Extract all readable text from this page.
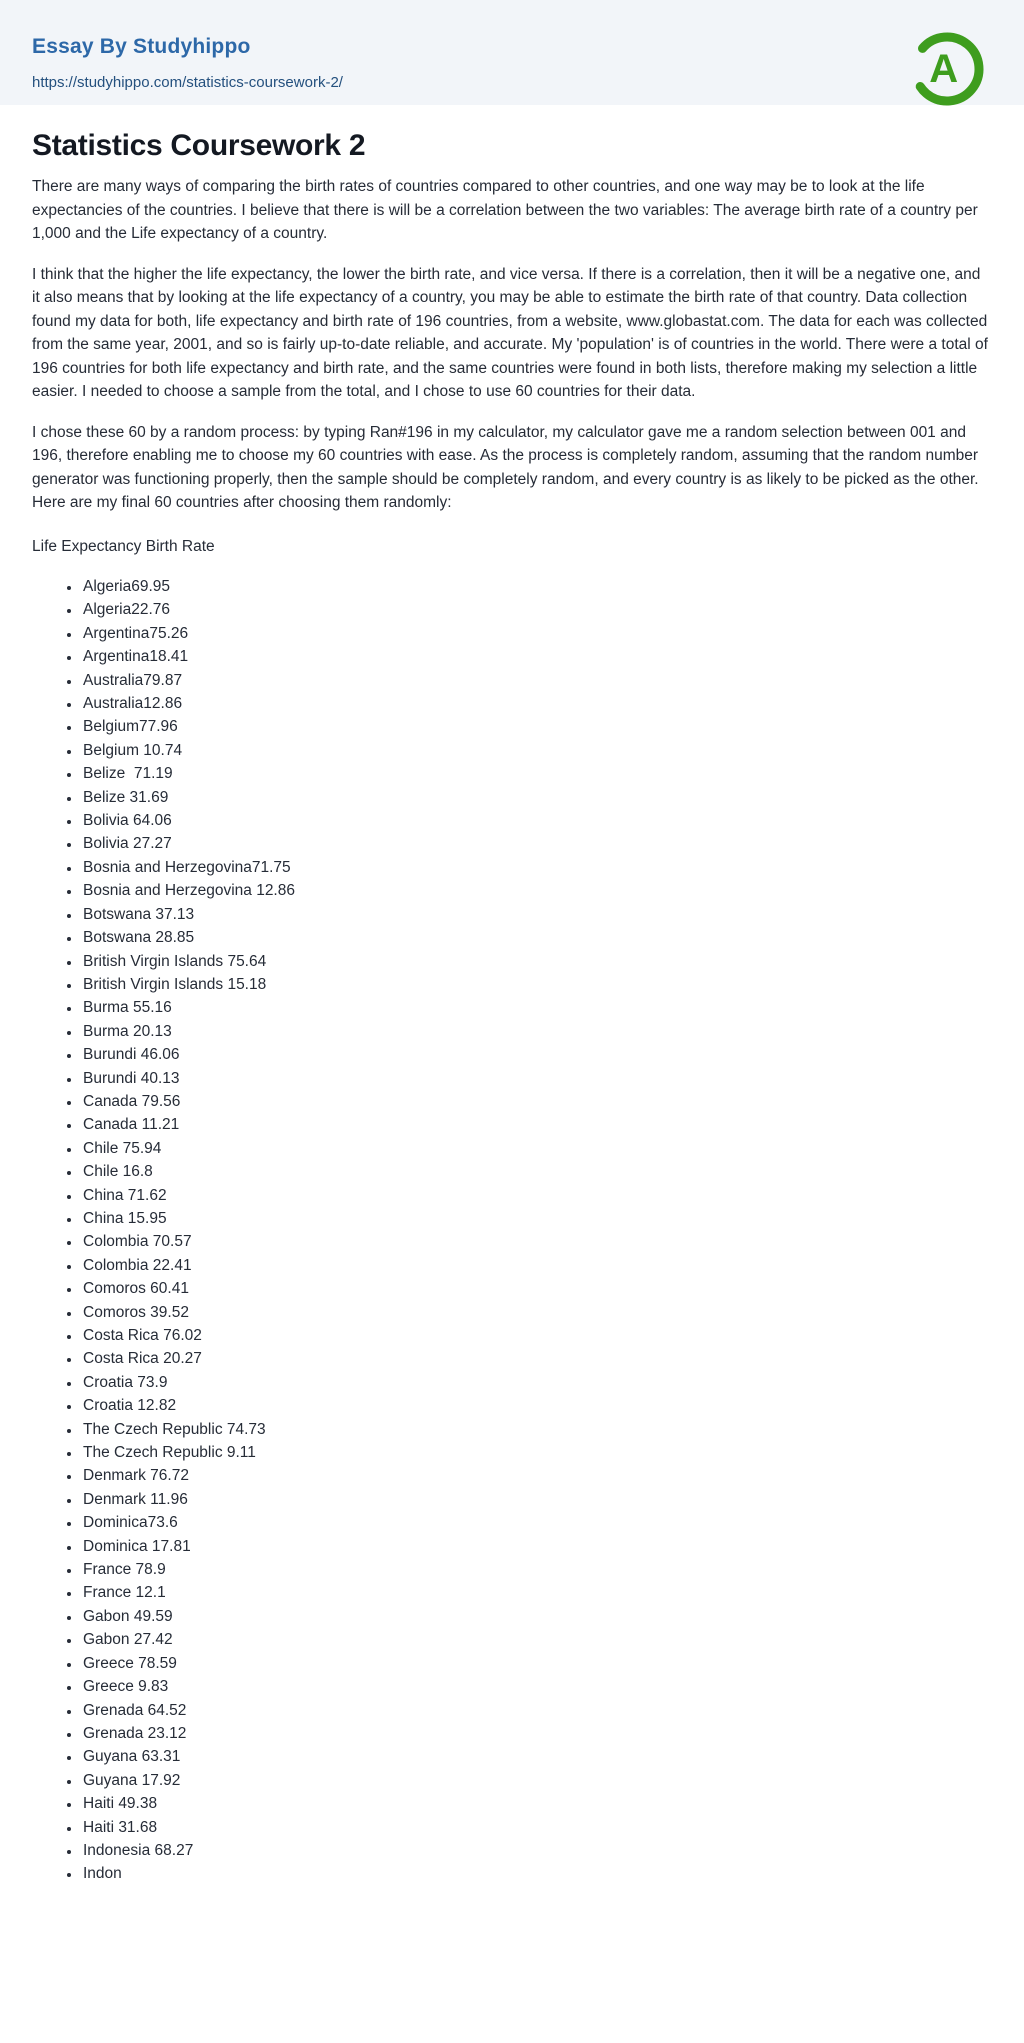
Essay By Studyhippo
https://studyhippo.com/statistics-coursework-2/	A
Statistics Coursework 2

There are many ways of comparing the birth rates of countries compared to other countries, and one way may be to look at the life expectancies of the countries. I believe that there is will be a correlation between the two variables: The average birth rate of a country per 1,000 and the Life expectancy of a country.

I think that the higher the life expectancy, the lower the birth rate, and vice versa. If there is a correlation, then it will be a negative one, and it also means that by looking at the life expectancy of a country, you may be able to estimate the birth rate of that country. Data collection found my data for both, life expectancy and birth rate of 196 countries, from a website, www.globastat.com. The data for each was collected from the same year, 2001, and so is fairly up-to-date reliable, and accurate. My 'population' is of countries in the world. There were a total of 196 countries for both life expectancy and birth rate, and the same countries were found in both lists, therefore making my selection a little easier. I needed to choose a sample from the total, and I chose to use 60 countries for their data.

I chose these 60 by a random process: by typing Ran#196 in my calculator, my calculator gave me a random selection between 001 and 196, therefore enabling me to choose my 60 countries with ease. As the process is completely random, assuming that the random number generator was functioning properly, then the sample should be completely random, and every country is as likely to be picked as the other. Here are my final 60 countries after choosing them randomly:

Life Expectancy Birth Rate

• Algeria69.95
• Algeria22.76
• Argentina75.26
• Argentina18.41
• Australia79.87
• Australia12.86
• Belgium77.96
• Belgium 10.74
• Belize  71.19
• Belize 31.69
• Bolivia 64.06
• Bolivia 27.27
• Bosnia and Herzegovina71.75
• Bosnia and Herzegovina 12.86
• Botswana 37.13
• Botswana 28.85
• British Virgin Islands 75.64
• British Virgin Islands 15.18
• Burma 55.16
• Burma 20.13
• Burundi 46.06
• Burundi 40.13
• Canada 79.56
• Canada 11.21
• Chile 75.94
• Chile 16.8
• China 71.62
• China 15.95
• Colombia 70.57
• Colombia 22.41
• Comoros 60.41
• Comoros 39.52
• Costa Rica 76.02
• Costa Rica 20.27
• Croatia 73.9
• Croatia 12.82
• The Czech Republic 74.73
• The Czech Republic 9.11
• Denmark 76.72
• Denmark 11.96
• Dominica73.6
• Dominica 17.81
• France 78.9
• France 12.1
• Gabon 49.59
• Gabon 27.42
• Greece 78.59
• Greece 9.83
• Grenada 64.52
• Grenada 23.12
• Guyana 63.31
• Guyana 17.92
• Haiti 49.38
• Haiti 31.68
• Indonesia 68.27
• Indon
